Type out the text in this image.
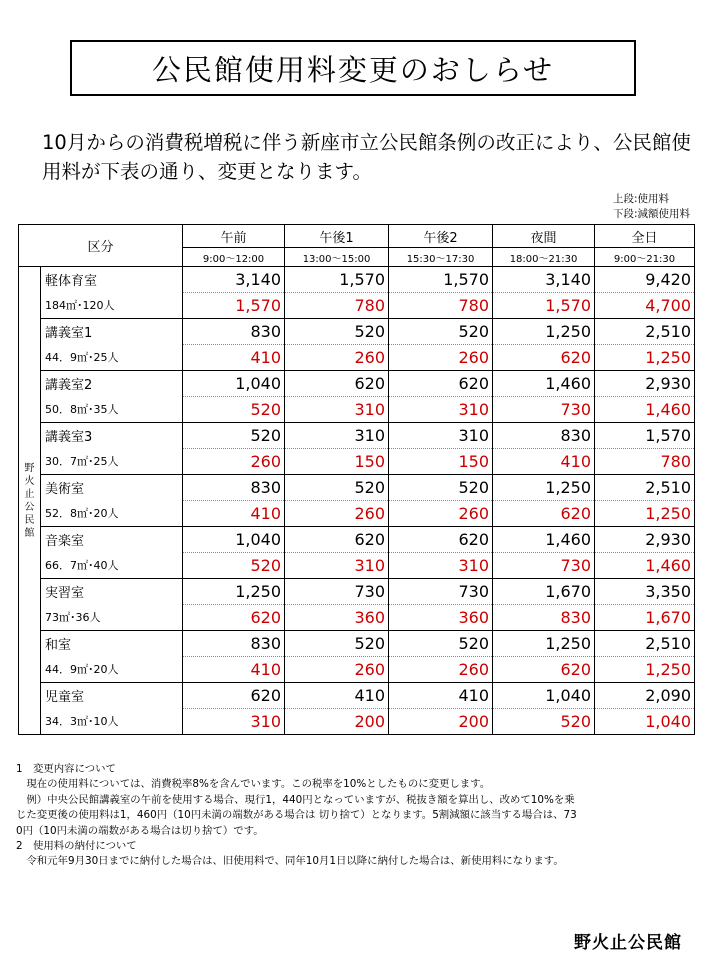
公民館使用料変更のおしらせ
10月からの消費税増税に伴う新座市立公民館条例の改正により、公民館使用料が下表の通り、変更となります。
上段:使用料
下段:減額使用料
区分		午前	午後1	午後2	夜間	全日
		9:00～12:00	13:00～15:00	15:30～17:30	18:00～21:30	9:00～21:30
野火止公民館	軽体育室	3,140	1,570	1,570	3,140	9,420
	184㎡･120人	1,570	780	780	1,570	4,700
	講義室1	830	520	520	1,250	2,510
	44．9㎡･25人	410	260	260	620	1,250
	講義室2	1,040	620	620	1,460	2,930
	50．8㎡･35人	520	310	310	730	1,460
	講義室3	520	310	310	830	1,570
	30．7㎡･25人	260	150	150	410	780
	美術室	830	520	520	1,250	2,510
	52．8㎡･20人	410	260	260	620	1,250
	音楽室	1,040	620	620	1,460	2,930
	66．7㎡･40人	520	310	310	730	1,460
	実習室	1,250	730	730	1,670	3,350
	73㎡･36人	620	360	360	830	1,670
	和室	830	520	520	1,250	2,510
	44．9㎡･20人	410	260	260	620	1,250
	児童室	620	410	410	1,040	2,090
	34．3㎡･10人	310	200	200	520	1,040
1　変更内容について
　現在の使用料については、消費税率8%を含んでいます。この税率を10%としたものに変更します。
　例）中央公民館講義室の午前を使用する場合、現行1，440円となっていますが、税抜き額を算出し、改めて10%を乗
じた変更後の使用料は1，460円（10円未満の端数がある場合は 切り捨て）となります。5割減額に該当する場合は、73
0円（10円未満の端数がある場合は切り捨て）です。
2　使用料の納付について
　令和元年9月30日までに納付した場合は、旧使用料で、同年10月1日以降に納付した場合は、新使用料になります。
野火止公民館
